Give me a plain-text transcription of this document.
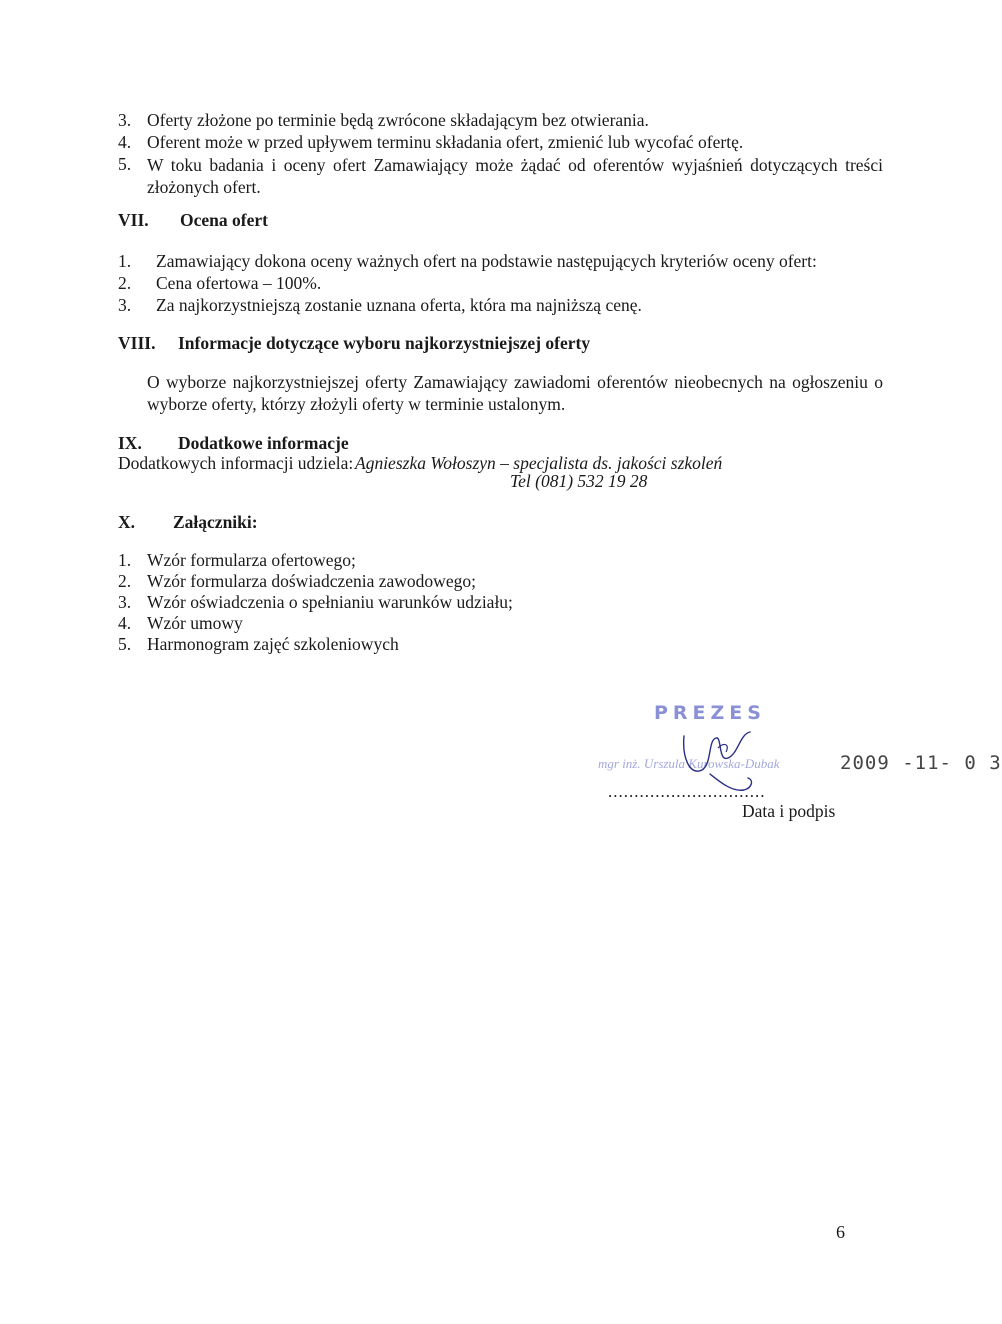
3. Oferty złożone po terminie będą zwrócone składającym bez otwierania.
4. Oferent może w przed upływem terminu składania ofert, zmienić lub wycofać ofertę.
5. W toku badania i oceny ofert Zamawiający może żądać od oferentów wyjaśnień dotyczących treści złożonych ofert.
VII. Ocena ofert
1. Zamawiający dokona oceny ważnych ofert na podstawie następujących kryteriów oceny ofert:
2. Cena ofertowa – 100%.
3. Za najkorzystniejszą zostanie uznana oferta, która ma najniższą cenę.
VIII. Informacje dotyczące wyboru najkorzystniejszej oferty
O wyborze najkorzystniejszej oferty Zamawiający zawiadomi oferentów nieobecnych na ogłoszeniu o wyborze oferty, którzy złożyli oferty w terminie ustalonym.
IX. Dodatkowe informacje
Dodatkowych informacji udziela: Agnieszka Wołoszyn – specjalista ds. jakości szkoleń
Tel (081) 532 19 28
X. Załączniki:
1. Wzór formularza ofertowego;
2. Wzór formularza doświadczenia zawodowego;
3. Wzór oświadczenia o spełnianiu warunków udziału;
4. Wzór umowy
5. Harmonogram zajęć szkoleniowych
PREZES
mgr inż. Urszula Kurowska-Dubak	2009 -11- 0 3
..............................
Data i podpis
6
